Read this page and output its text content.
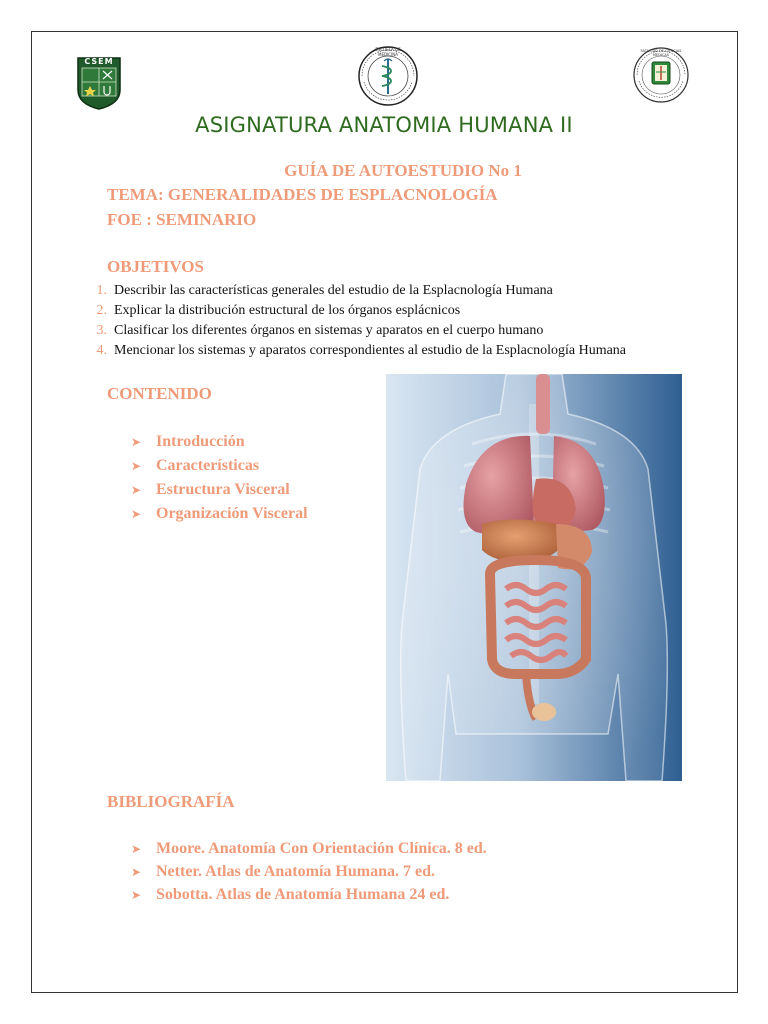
CSEM
ESCUELA DE MEDICINA
FACULTAD DE CIENCIAS MEDICAS
ASIGNATURA ANATOMIA HUMANA II
GUÍA DE AUTOESTUDIO No 1
TEMA: GENERALIDADES DE ESPLACNOLOGÍA
FOE : SEMINARIO
OBJETIVOS
1. Describir las características generales del estudio de la Esplacnología Humana
2. Explicar la distribución estructural de los órganos esplácnicos
3. Clasificar los diferentes órganos en sistemas y aparatos en el cuerpo humano
4. Mencionar los sistemas y aparatos correspondientes al estudio de la Esplacnología Humana
CONTENIDO
➤ Introducción
➤ Características
➤ Estructura Visceral
➤ Organización Visceral
BIBLIOGRAFÍA
➤ Moore. Anatomía Con Orientación Clínica. 8 ed.
➤ Netter. Atlas de Anatomía Humana. 7 ed.
➤ Sobotta. Atlas de Anatomía Humana 24 ed.
